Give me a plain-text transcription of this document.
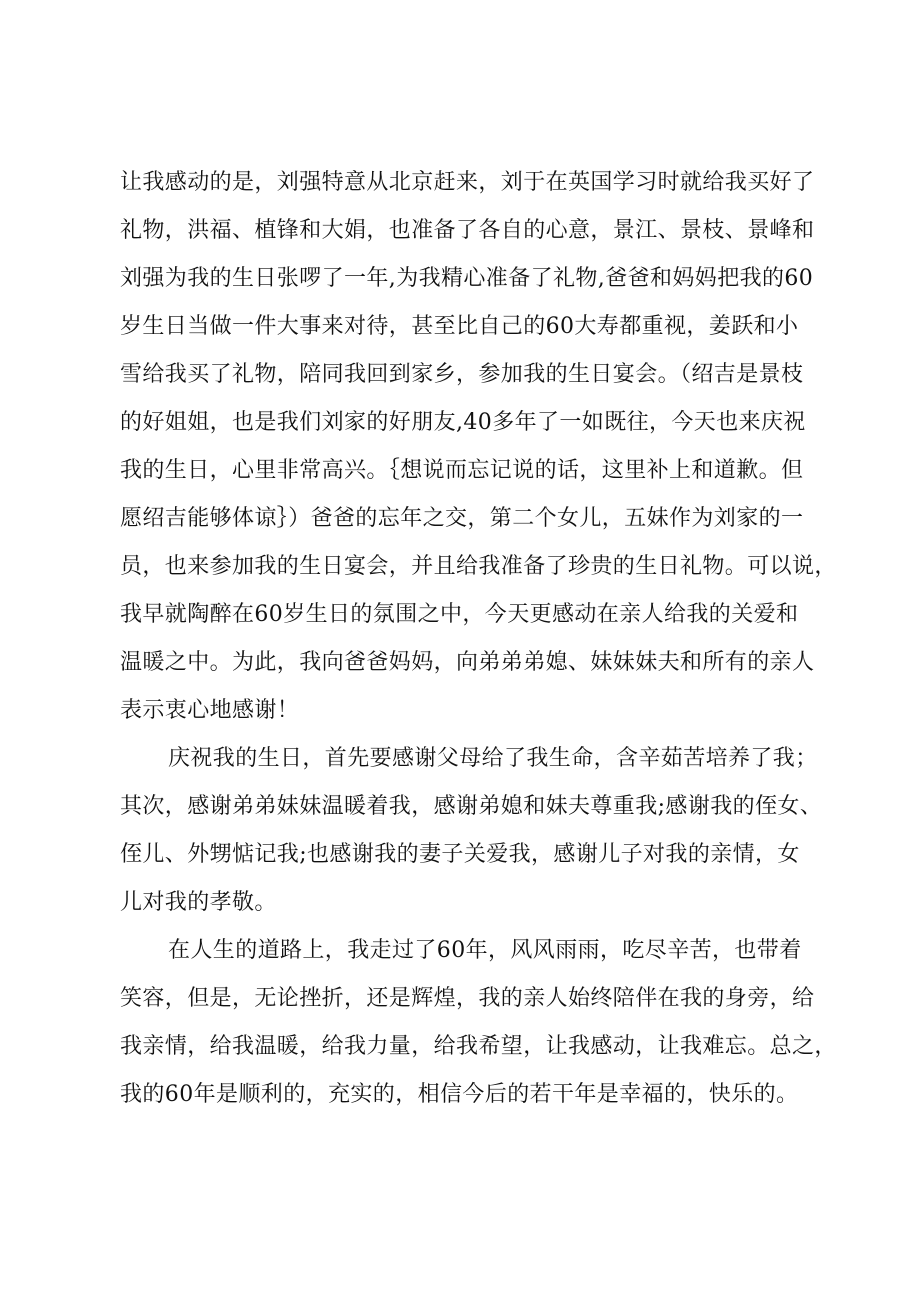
让我感动的是，刘强特意从北京赶来，刘于在英国学习时就给我买好了
礼物，洪福、植锋和大娟，也准备了各自的心意，景江、景枝、景峰和
刘强为我的生日张啰了一年,为我精心准备了礼物,爸爸和妈妈把我的60
岁生日当做一件大事来对待，甚至比自己的60大寿都重视，姜跃和小
雪给我买了礼物，陪同我回到家乡，参加我的生日宴会。（绍吉是景枝
的好姐姐，也是我们刘家的好朋友,40多年了一如既往，今天也来庆祝
我的生日，心里非常高兴。｛想说而忘记说的话，这里补上和道歉。但
愿绍吉能够体谅｝）爸爸的忘年之交，第二个女儿，五妹作为刘家的一
员，也来参加我的生日宴会，并且给我准备了珍贵的生日礼物。可以说，
我早就陶醉在60岁生日的氛围之中，今天更感动在亲人给我的关爱和
温暖之中。为此，我向爸爸妈妈，向弟弟弟媳、妹妹妹夫和所有的亲人
表示衷心地感谢！
庆祝我的生日，首先要感谢父母给了我生命，含辛茹苦培养了我；
其次，感谢弟弟妹妹温暖着我，感谢弟媳和妹夫尊重我;感谢我的侄女、
侄儿、外甥惦记我;也感谢我的妻子关爱我，感谢儿子对我的亲情，女
儿对我的孝敬。
在人生的道路上，我走过了60年，风风雨雨，吃尽辛苦，也带着
笑容，但是，无论挫折，还是辉煌，我的亲人始终陪伴在我的身旁，给
我亲情，给我温暖，给我力量，给我希望，让我感动，让我难忘。总之，
我的60年是顺利的，充实的，相信今后的若干年是幸福的，快乐的。
